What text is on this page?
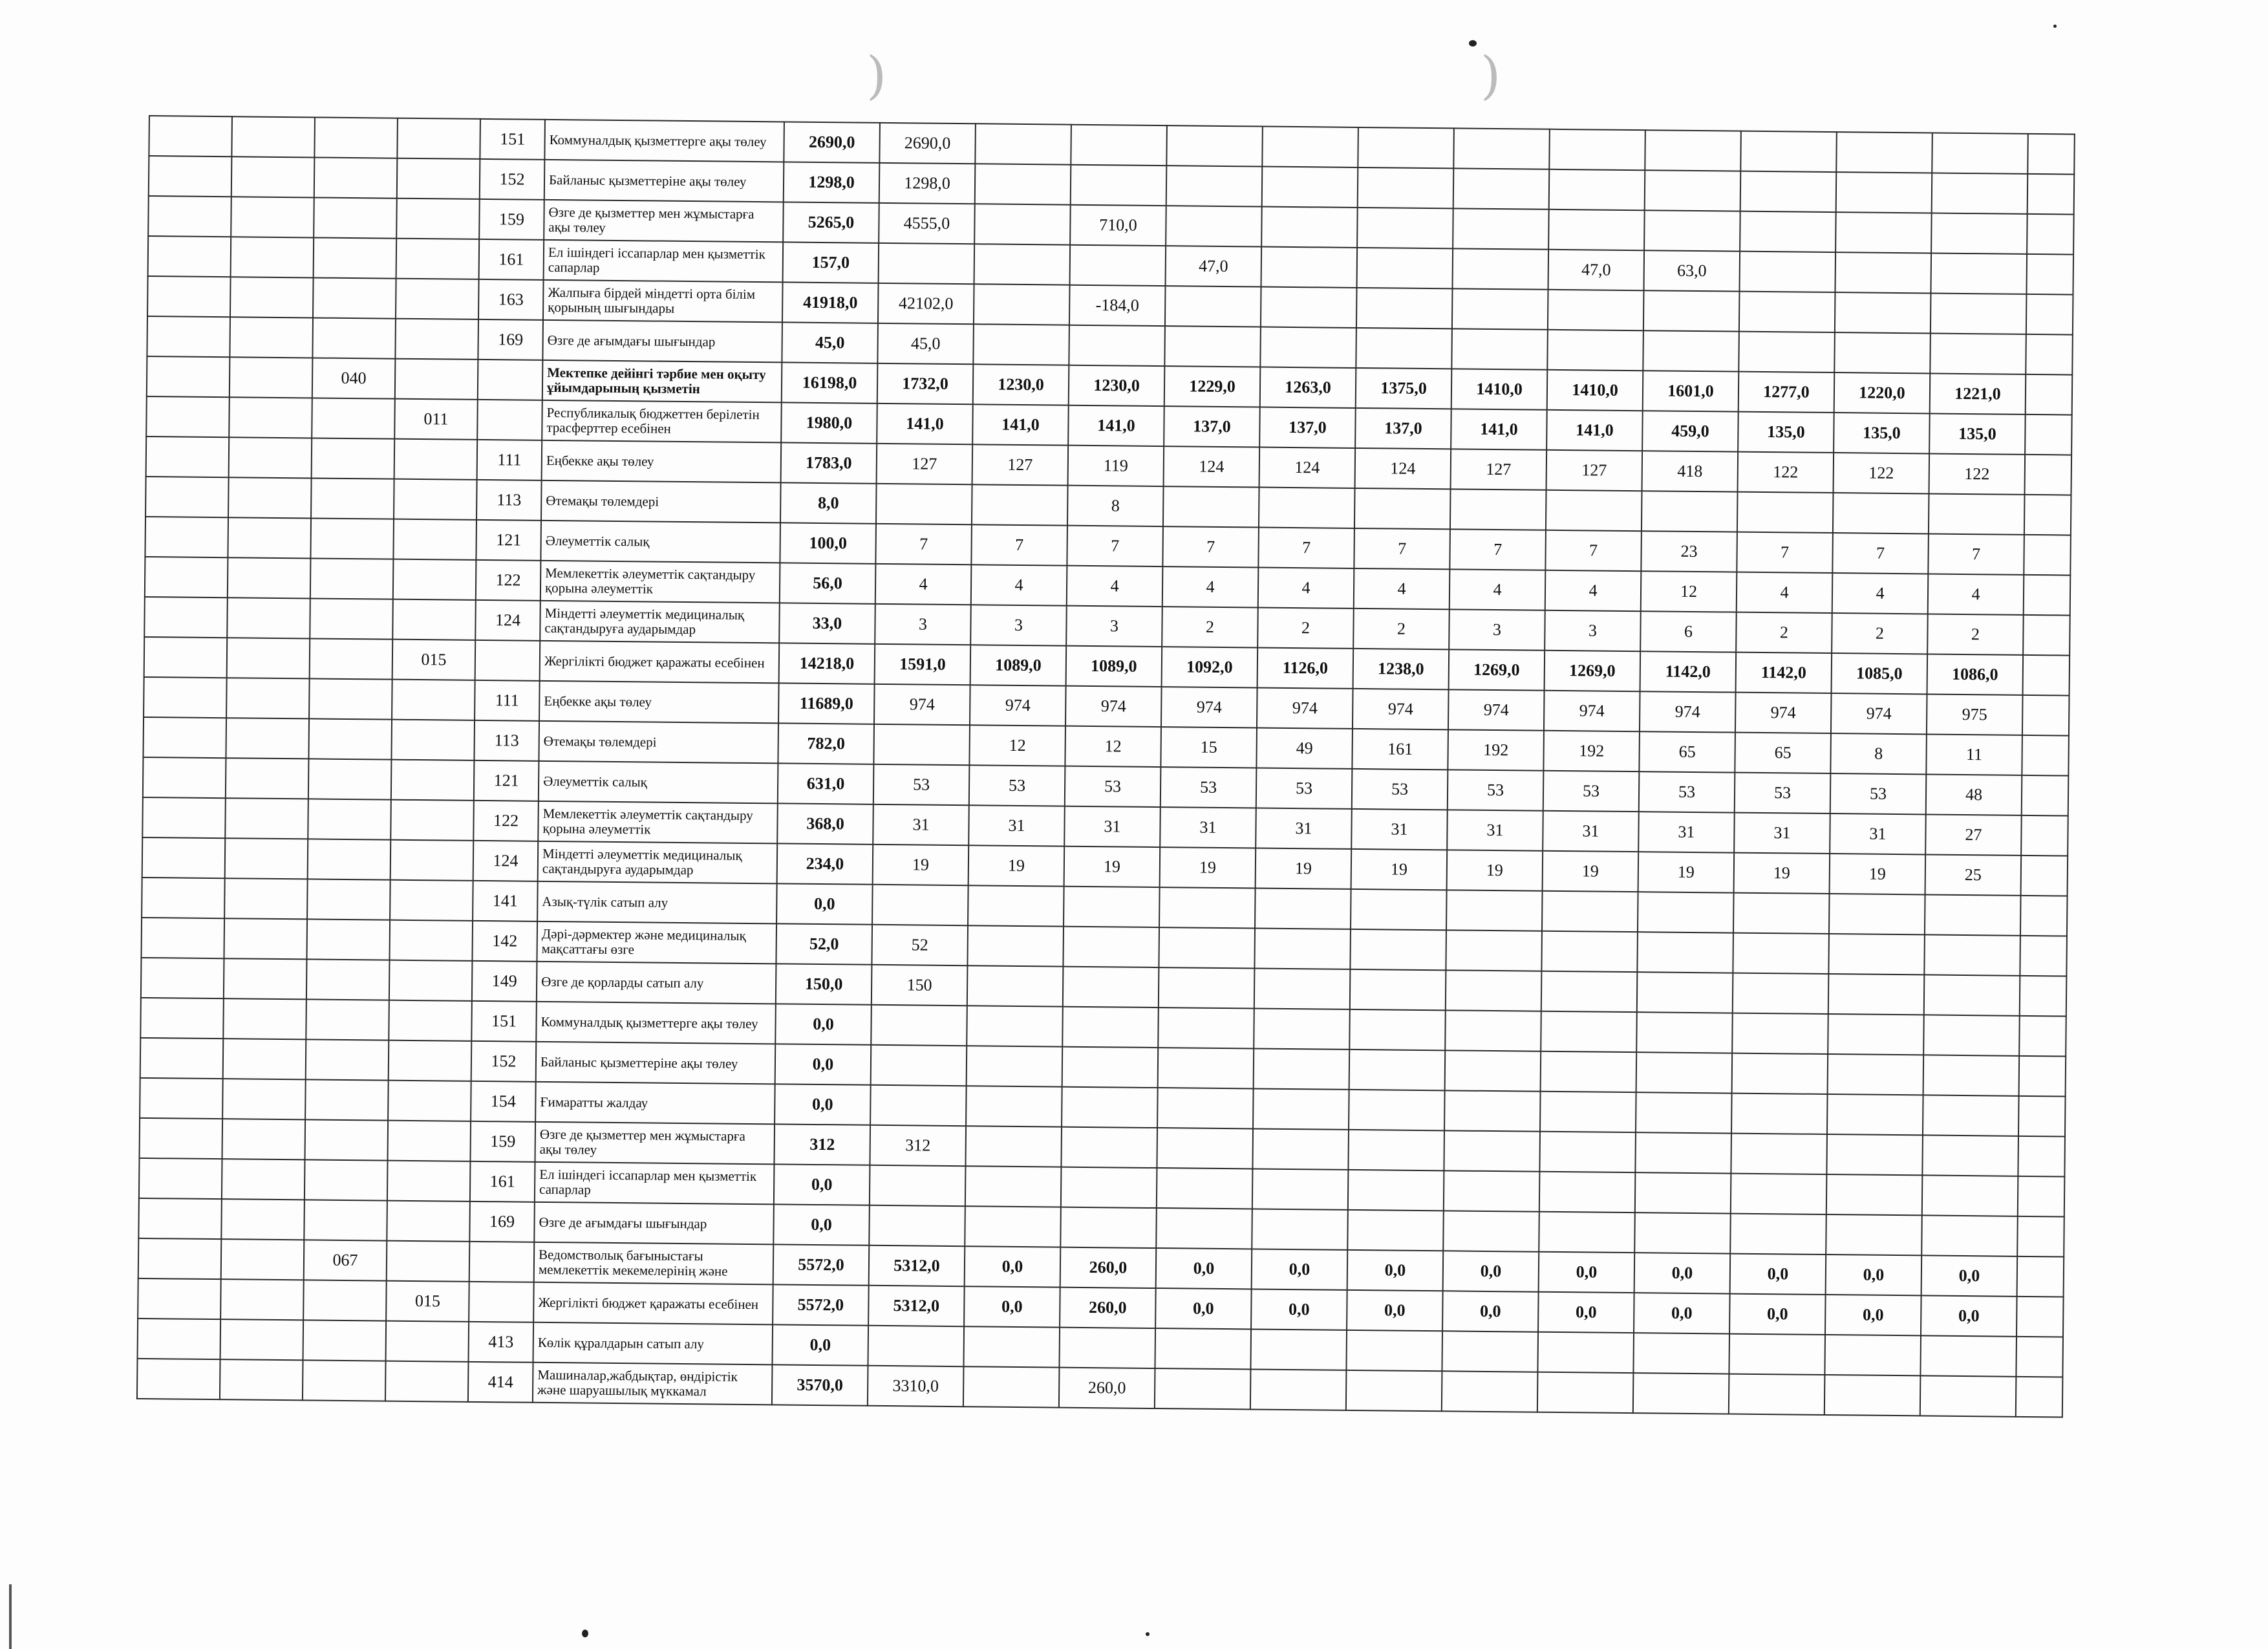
)	)
				151	Коммуналдық қызметтерге ақы төлеу	2690,0	2690,0												
				152	Байланыс қызметтеріне ақы төлеу	1298,0	1298,0												
				159	Өзге де қызметтер мен жұмыстарға ақы төлеу	5265,0	4555,0		710,0										
				161	Ел ішіндегі іссапарлар мен қызметтік сапарлар	157,0				47,0				47,0	63,0				
				163	Жалпыға бірдей міндетті орта білім қорының шығындары	41918,0	42102,0		-184,0										
				169	Өзге де ағымдағы шығындар	45,0	45,0												
		040			Мектепке дейінгі тәрбие мен оқыту ұйымдарының қызметін	16198,0	1732,0	1230,0	1230,0	1229,0	1263,0	1375,0	1410,0	1410,0	1601,0	1277,0	1220,0	1221,0	
			011		Республикалық бюджеттен берілетін трасферттер есебінен	1980,0	141,0	141,0	141,0	137,0	137,0	137,0	141,0	141,0	459,0	135,0	135,0	135,0	
				111	Еңбекке ақы төлеу	1783,0	127	127	119	124	124	124	127	127	418	122	122	122	
				113	Өтемақы төлемдері	8,0			8										
				121	Әлеуметтік салық	100,0	7	7	7	7	7	7	7	7	23	7	7	7	
				122	Мемлекеттік әлеуметтік сақтандыру қорына әлеуметтік	56,0	4	4	4	4	4	4	4	4	12	4	4	4	
				124	Міндетті әлеуметтік медициналық сақтандыруға аударымдар	33,0	3	3	3	2	2	2	3	3	6	2	2	2	
			015		Жергілікті бюджет қаражаты есебінен	14218,0	1591,0	1089,0	1089,0	1092,0	1126,0	1238,0	1269,0	1269,0	1142,0	1142,0	1085,0	1086,0	
				111	Еңбекке ақы төлеу	11689,0	974	974	974	974	974	974	974	974	974	974	974	975	
				113	Өтемақы төлемдері	782,0		12	12	15	49	161	192	192	65	65	8	11	
				121	Әлеуметтік салық	631,0	53	53	53	53	53	53	53	53	53	53	53	48	
				122	Мемлекеттік әлеуметтік сақтандыру қорына әлеуметтік	368,0	31	31	31	31	31	31	31	31	31	31	31	27	
				124	Міндетті әлеуметтік медициналық сақтандыруға аударымдар	234,0	19	19	19	19	19	19	19	19	19	19	19	25	
				141	Азық-түлік сатып алу	0,0													
				142	Дәрі-дәрмектер және медициналық мақсаттағы өзге	52,0	52												
				149	Өзге де қорларды сатып алу	150,0	150												
				151	Коммуналдық қызметтерге ақы төлеу	0,0													
				152	Байланыс қызметтеріне ақы төлеу	0,0													
				154	Ғимаратты жалдау	0,0													
				159	Өзге де қызметтер мен жұмыстарға ақы төлеу	312	312												
				161	Ел ішіндегі іссапарлар мен қызметтік сапарлар	0,0													
				169	Өзге де ағымдағы шығындар	0,0													
		067			Ведомстволық бағыныстағы мемлекеттік мекемелерінің және	5572,0	5312,0	0,0	260,0	0,0	0,0	0,0	0,0	0,0	0,0	0,0	0,0	0,0	
			015		Жергілікті бюджет қаражаты есебінен	5572,0	5312,0	0,0	260,0	0,0	0,0	0,0	0,0	0,0	0,0	0,0	0,0	0,0	
				413	Көлік құралдарын сатып алу	0,0													
				414	Машиналар,жабдықтар, өндірістік және шаруашылық мүккамал	3570,0	3310,0		260,0										
